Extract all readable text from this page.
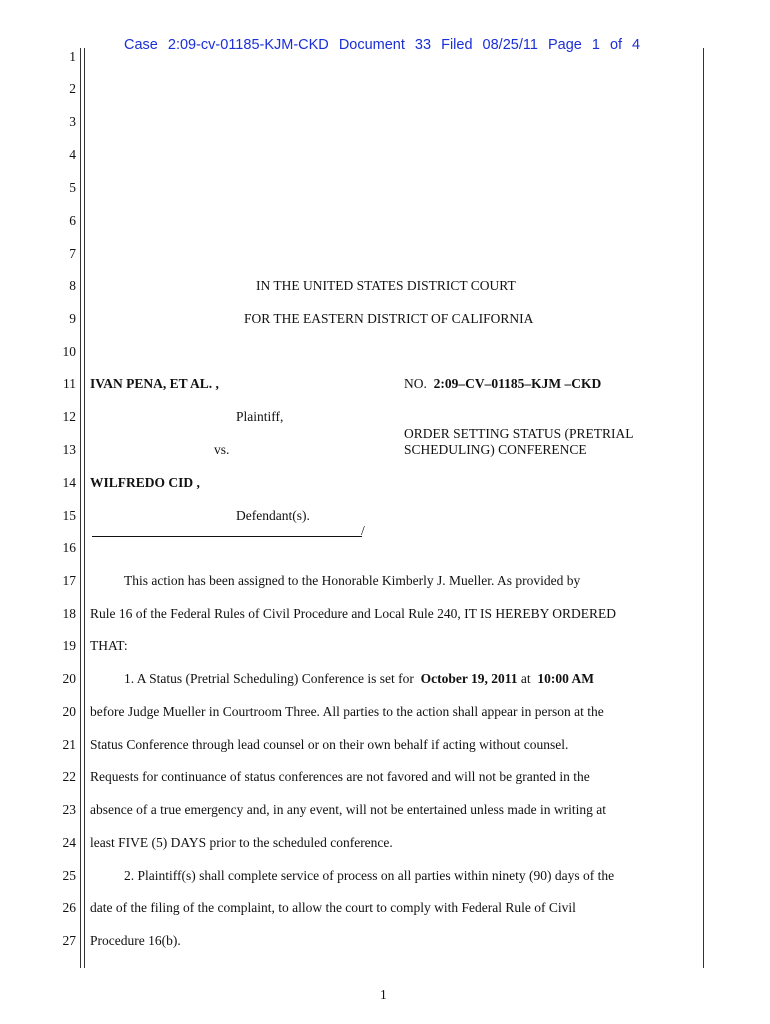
Case 2:09-cv-01185-KJM-CKD Document 33 Filed 08/25/11 Page 1 of 4
1
2
3
4
5
6
7
8
9
10
11
12
13
14
15
16
17
18
19
20
20
21
22
23
24
25
26
27
IN THE UNITED STATES DISTRICT COURT
FOR THE EASTERN DISTRICT OF CALIFORNIA
IVAN PENA, ET AL. ,	NO. 2:09–CV–01185–KJM –CKD
Plaintiff,
ORDER SETTING STATUS (PRETRIAL
SCHEDULING) CONFERENCE
vs.
WILFREDO CID ,
Defendant(s).
/
This action has been assigned to the Honorable Kimberly J. Mueller. As provided by
Rule 16 of the Federal Rules of Civil Procedure and Local Rule 240, IT IS HEREBY ORDERED
THAT:
1. A Status (Pretrial Scheduling) Conference is set for October 19, 2011 at 10:00 AM
before Judge Mueller in Courtroom Three. All parties to the action shall appear in person at the
Status Conference through lead counsel or on their own behalf if acting without counsel.
Requests for continuance of status conferences are not favored and will not be granted in the
absence of a true emergency and, in any event, will not be entertained unless made in writing at
least FIVE (5) DAYS prior to the scheduled conference.
2. Plaintiff(s) shall complete service of process on all parties within ninety (90) days of the
date of the filing of the complaint, to allow the court to comply with Federal Rule of Civil
Procedure 16(b).
1
